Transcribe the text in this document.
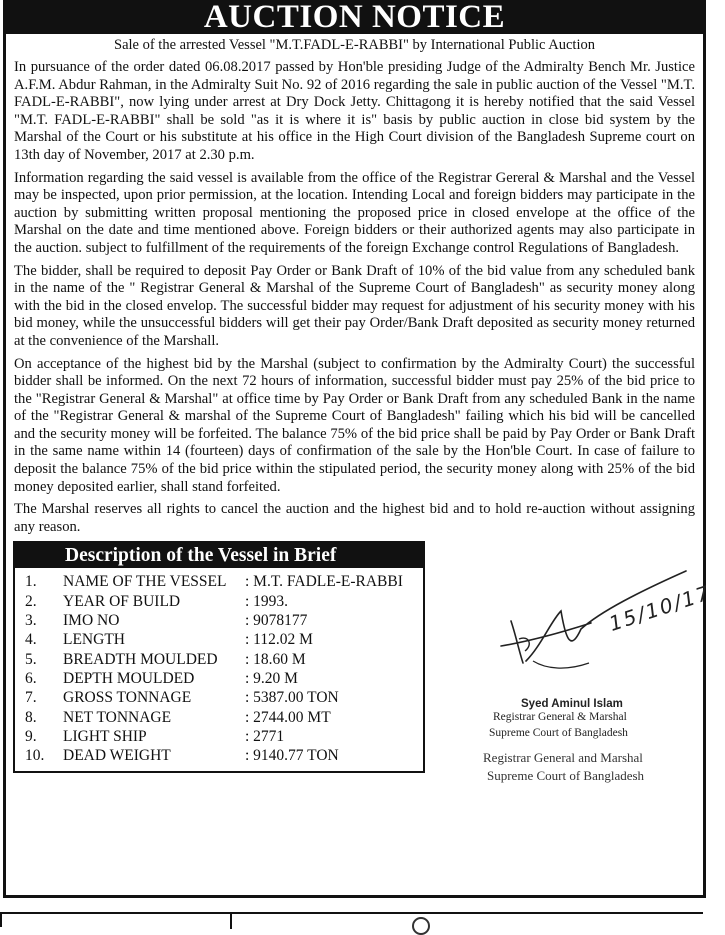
AUCTION NOTICE
Sale of the arrested Vessel "M.T.FADL-E-RABBI" by International Public Auction

In pursuance of the order dated 06.08.2017 passed by Hon'ble presiding Judge of the Admiralty Bench Mr. Justice A.F.M. Abdur Rahman, in the Admiralty Suit No. 92 of 2016 regarding the sale in public auction of the Vessel "M.T. FADL-E-RABBI", now lying under arrest at Dry Dock Jetty. Chittagong it is hereby notified that the said Vessel "M.T. FADL-E-RABBI" shall be sold "as it is where it is" basis by public auction in close bid system by the Marshal of the Court or his substitute at his office in the High Court division of the Bangladesh Supreme court on 13th day of November, 2017 at 2.30 p.m.

Information regarding the said vessel is available from the office of the Registrar Gereral & Marshal and the Vessel may be inspected, upon prior permission, at the location. Intending Local and foreign bidders may participate in the auction by submitting written proposal mentioning the proposed price in closed envelope at the office of the Marshal on the date and time mentioned above. Foreign bidders or their authorized agents may also participate in the auction. subject to fulfillment of the requirements of the foreign Exchange control Regulations of Bangladesh.

The bidder, shall be required to deposit Pay Order or Bank Draft of 10% of the bid value from any scheduled bank in the name of the " Registrar General & Marshal of the Supreme Court of Bangladesh" as security money along with the bid in the closed envelop. The successful bidder may request for adjustment of his security money with his bid money, while the unsuccessful bidders will get their pay Order/Bank Draft deposited as security money returned at the convenience of the Marshall.

On acceptance of the highest bid by the Marshal (subject to confirmation by the Admiralty Court) the successful bidder shall be informed. On the next 72 hours of information, successful bidder must pay 25% of the bid price to the "Registrar General & Marshal" at office time by Pay Order or Bank Draft from any scheduled Bank in the name of the "Registrar General & marshal of the Supreme Court of Bangladesh" failing which his bid will be cancelled and the security money will be forfeited. The balance 75% of the bid price shall be paid by Pay Order or Bank Draft in the same name within 14 (fourteen) days of confirmation of the sale by the Hon'ble Court. In case of failure to deposit the balance 75% of the bid price within the stipulated period, the security money along with 25% of the bid money deposited earlier, shall stand forfeited.

The Marshal reserves all rights to cancel the auction and the highest bid and to hold re-auction without assigning any reason.

Description of the Vessel in Brief
1.	NAME OF THE VESSEL	: M.T. FADLE-E-RABBI
2.	YEAR OF BUILD	: 1993.
3.	IMO NO	: 9078177
4.	LENGTH	: 112.02 M
5.	BREADTH MOULDED	: 18.60 M
6.	DEPTH MOULDED	: 9.20 M
7.	GROSS TONNAGE	: 5387.00 TON
8.	NET TONNAGE	: 2744.00 MT
9.	LIGHT SHIP	: 2771
10.	DEAD WEIGHT	: 9140.77 TON
15/10/17
Syed Aminul Islam
Registrar General & Marshal
Supreme Court of Bangladesh
Registrar General and Marshal
Supreme Court of Bangladesh
